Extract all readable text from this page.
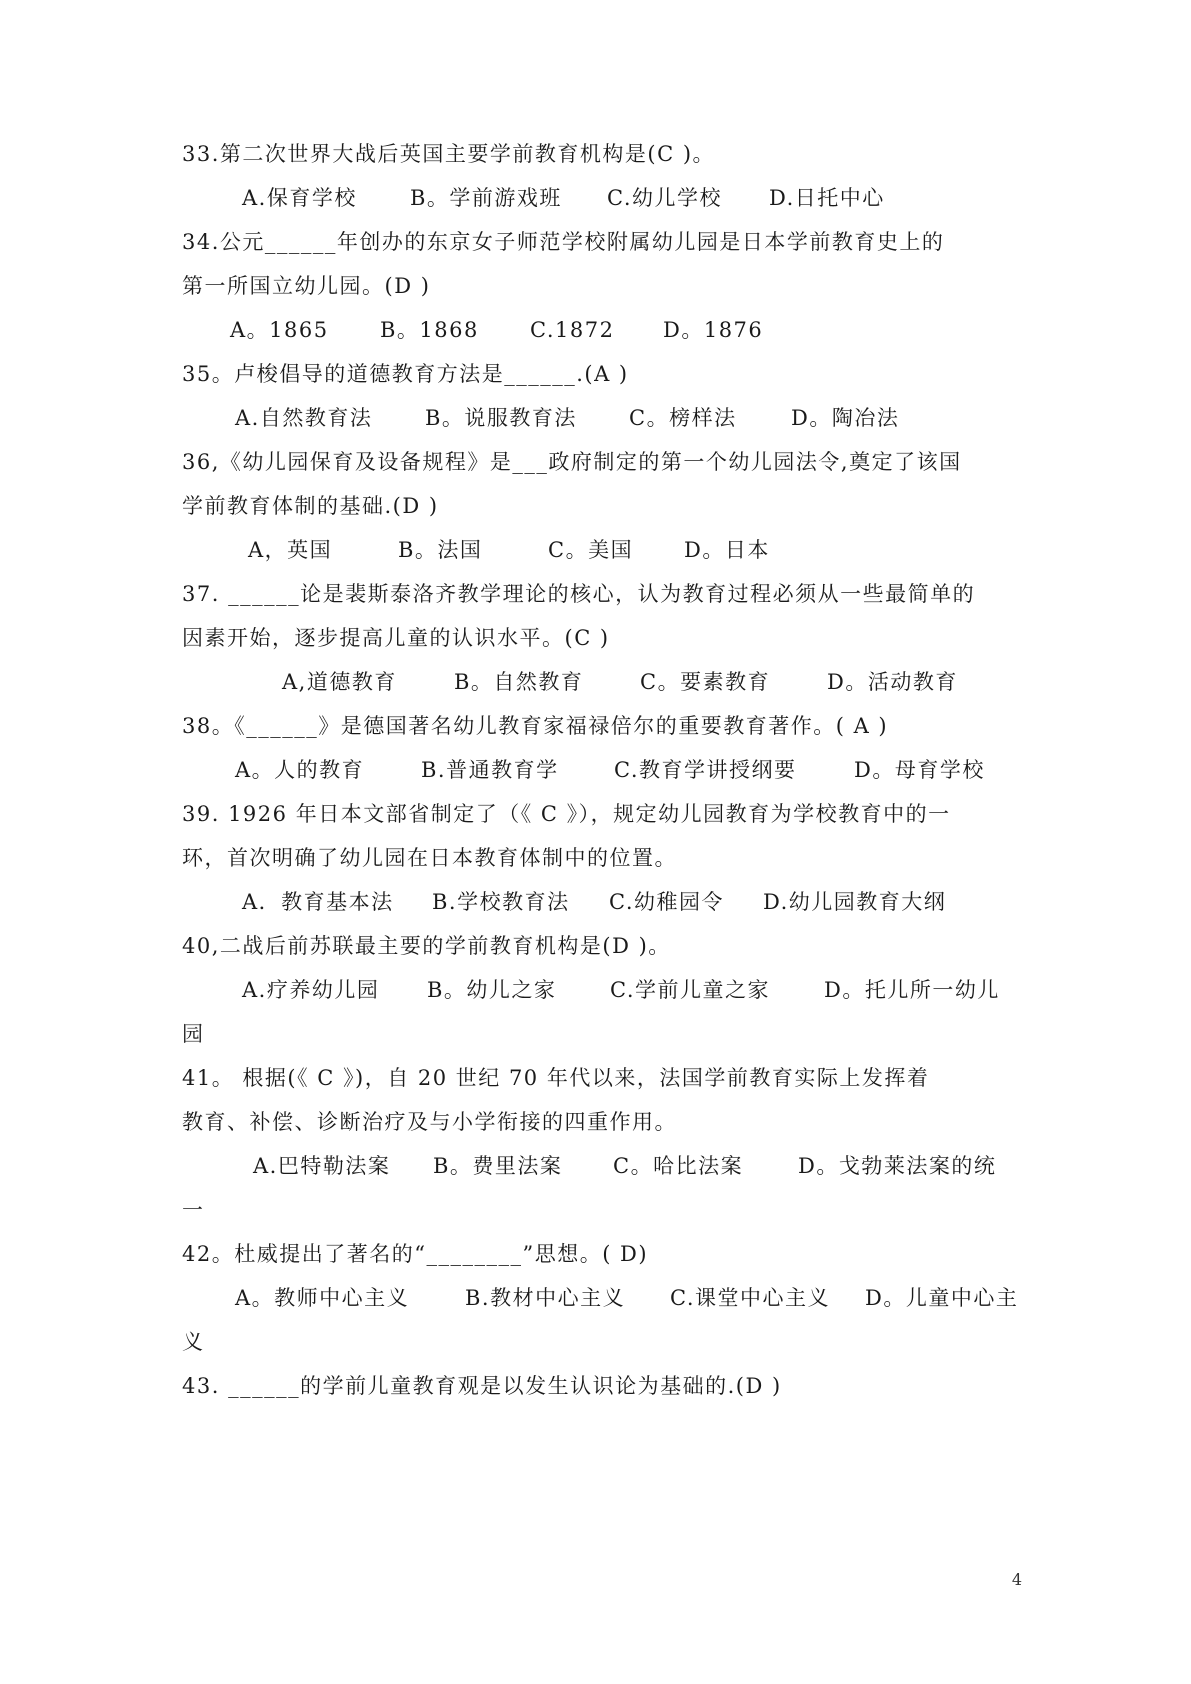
33.第二次世界大战后英国主要学前教育机构是(C )。
A.保育学校	B。学前游戏班	C.幼儿学校	D.日托中心
34.公元______年创办的东京女子师范学校附属幼儿园是日本学前教育史上的
第一所国立幼儿园。(D )
A。1865	B。1868	C.1872	D。1876
35。卢梭倡导的道德教育方法是______.(A )
A.自然教育法	B。说服教育法	C。榜样法	D。陶冶法
36,《幼儿园保育及设备规程》是___政府制定的第一个幼儿园法令,奠定了该国
学前教育体制的基础.(D )
A，英国	B。法国	C。美国	D。日本
37. ______论是裴斯泰洛齐教学理论的核心，认为教育过程必须从一些最简单的
因素开始，逐步提高儿童的认识水平。(C )
A,道德教育	B。自然教育	C。要素教育	D。活动教育
38。《______》是德国著名幼儿教育家福禄倍尔的重要教育著作。( A )
A。人的教育	B.普通教育学	C.教育学讲授纲要	D。母育学校
39. 1926 年日本文部省制定了（《 C 》），规定幼儿园教育为学校教育中的一
环，首次明确了幼儿园在日本教育体制中的位置。
A．教育基本法	B.学校教育法	C.幼稚园令	D.幼儿园教育大纲
40,二战后前苏联最主要的学前教育机构是(D )。
A.疗养幼儿园	B。幼儿之家	C.学前儿童之家	D。托儿所一幼儿
园
41。 根据(《 C 》)，自 20 世纪 70 年代以来，法国学前教育实际上发挥着
教育、补偿、诊断治疗及与小学衔接的四重作用。
A.巴特勒法案	B。费里法案	C。哈比法案	D。戈勃莱法案的统
一
42。杜威提出了著名的“________”思想。( D)
A。教师中心主义	B.教材中心主义	C.课堂中心主义	D。儿童中心主
义
43. ______的学前儿童教育观是以发生认识论为基础的.(D )
4
